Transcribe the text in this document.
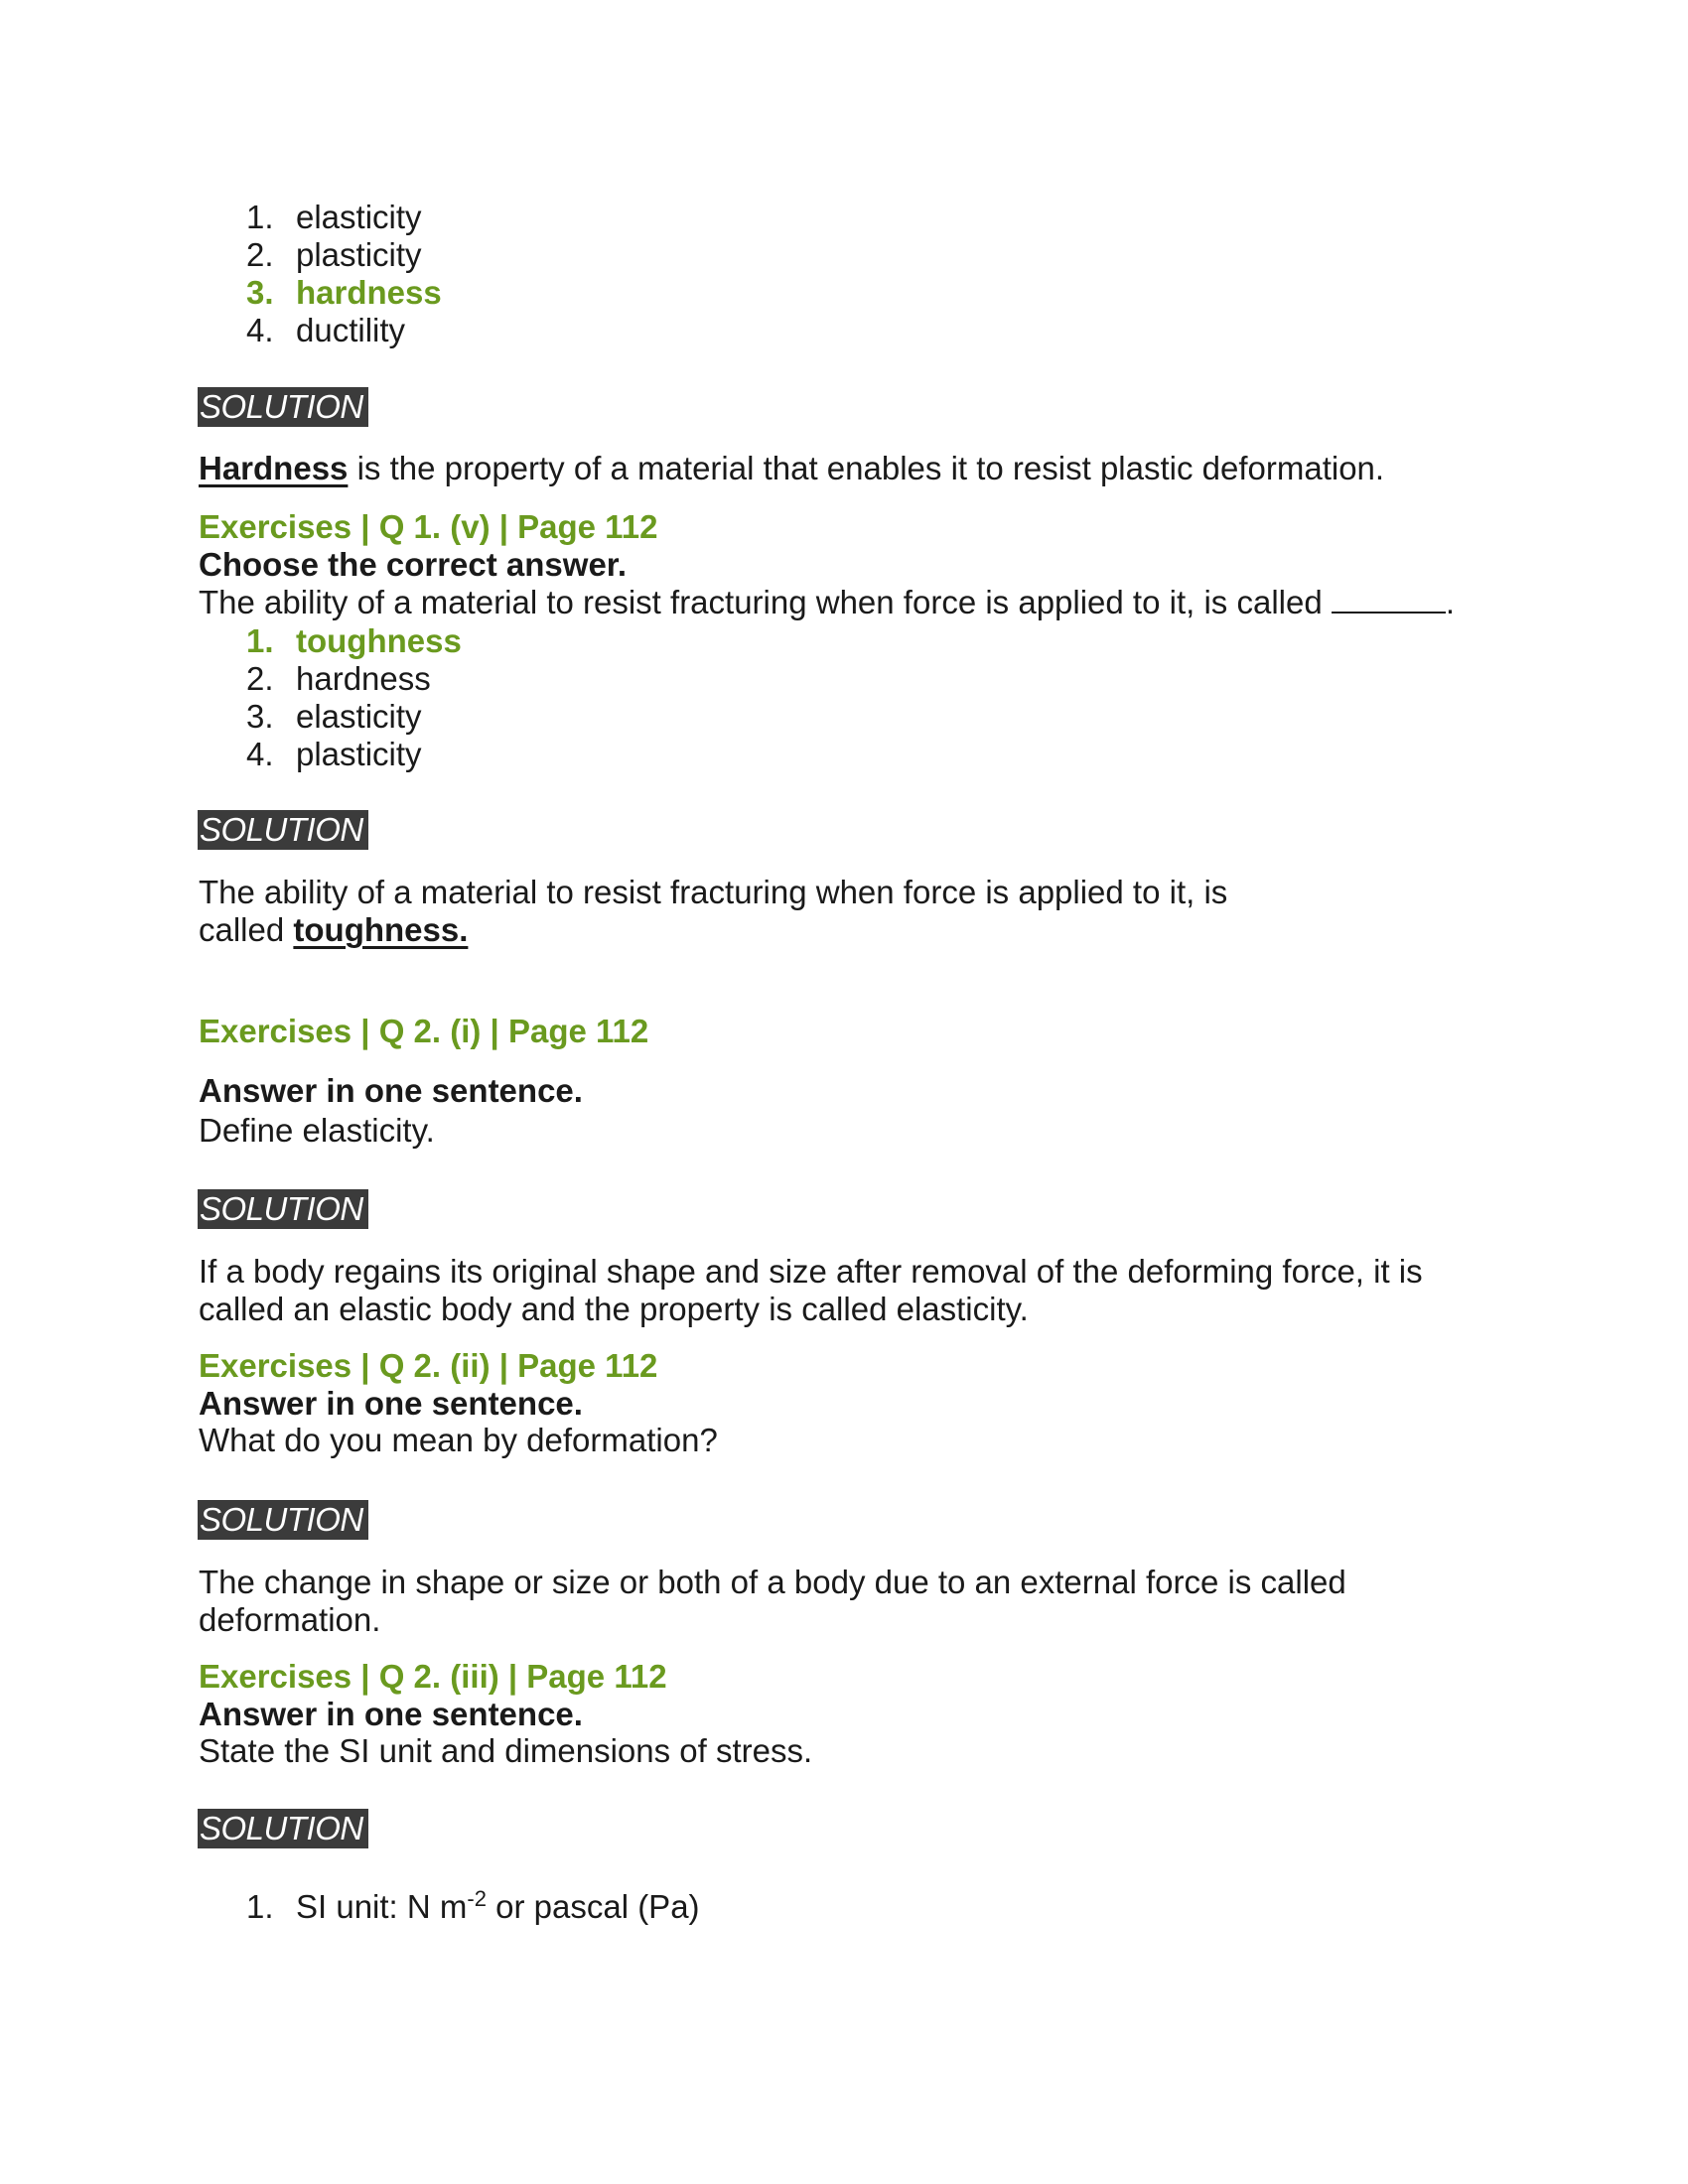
1. elasticity
2. plasticity
3. hardness
4. ductility
SOLUTION
Hardness is the property of a material that enables it to resist plastic deformation.
Exercises | Q 1. (v) | Page 112
Choose the correct answer.
The ability of a material to resist fracturing when force is applied to it, is called	.
1. toughness
2. hardness
3. elasticity
4. plasticity
SOLUTION
The ability of a material to resist fracturing when force is applied to it, is
called toughness.
Exercises | Q 2. (i) | Page 112
Answer in one sentence.
Define elasticity.
SOLUTION
If a body regains its original shape and size after removal of the deforming force, it is
called an elastic body and the property is called elasticity.
Exercises | Q 2. (ii) | Page 112
Answer in one sentence.
What do you mean by deformation?
SOLUTION
The change in shape or size or both of a body due to an external force is called
deformation.
Exercises | Q 2. (iii) | Page 112
Answer in one sentence.
State the SI unit and dimensions of stress.
SOLUTION
1. SI unit: N $m^{-2}$ or pascal (Pa)
